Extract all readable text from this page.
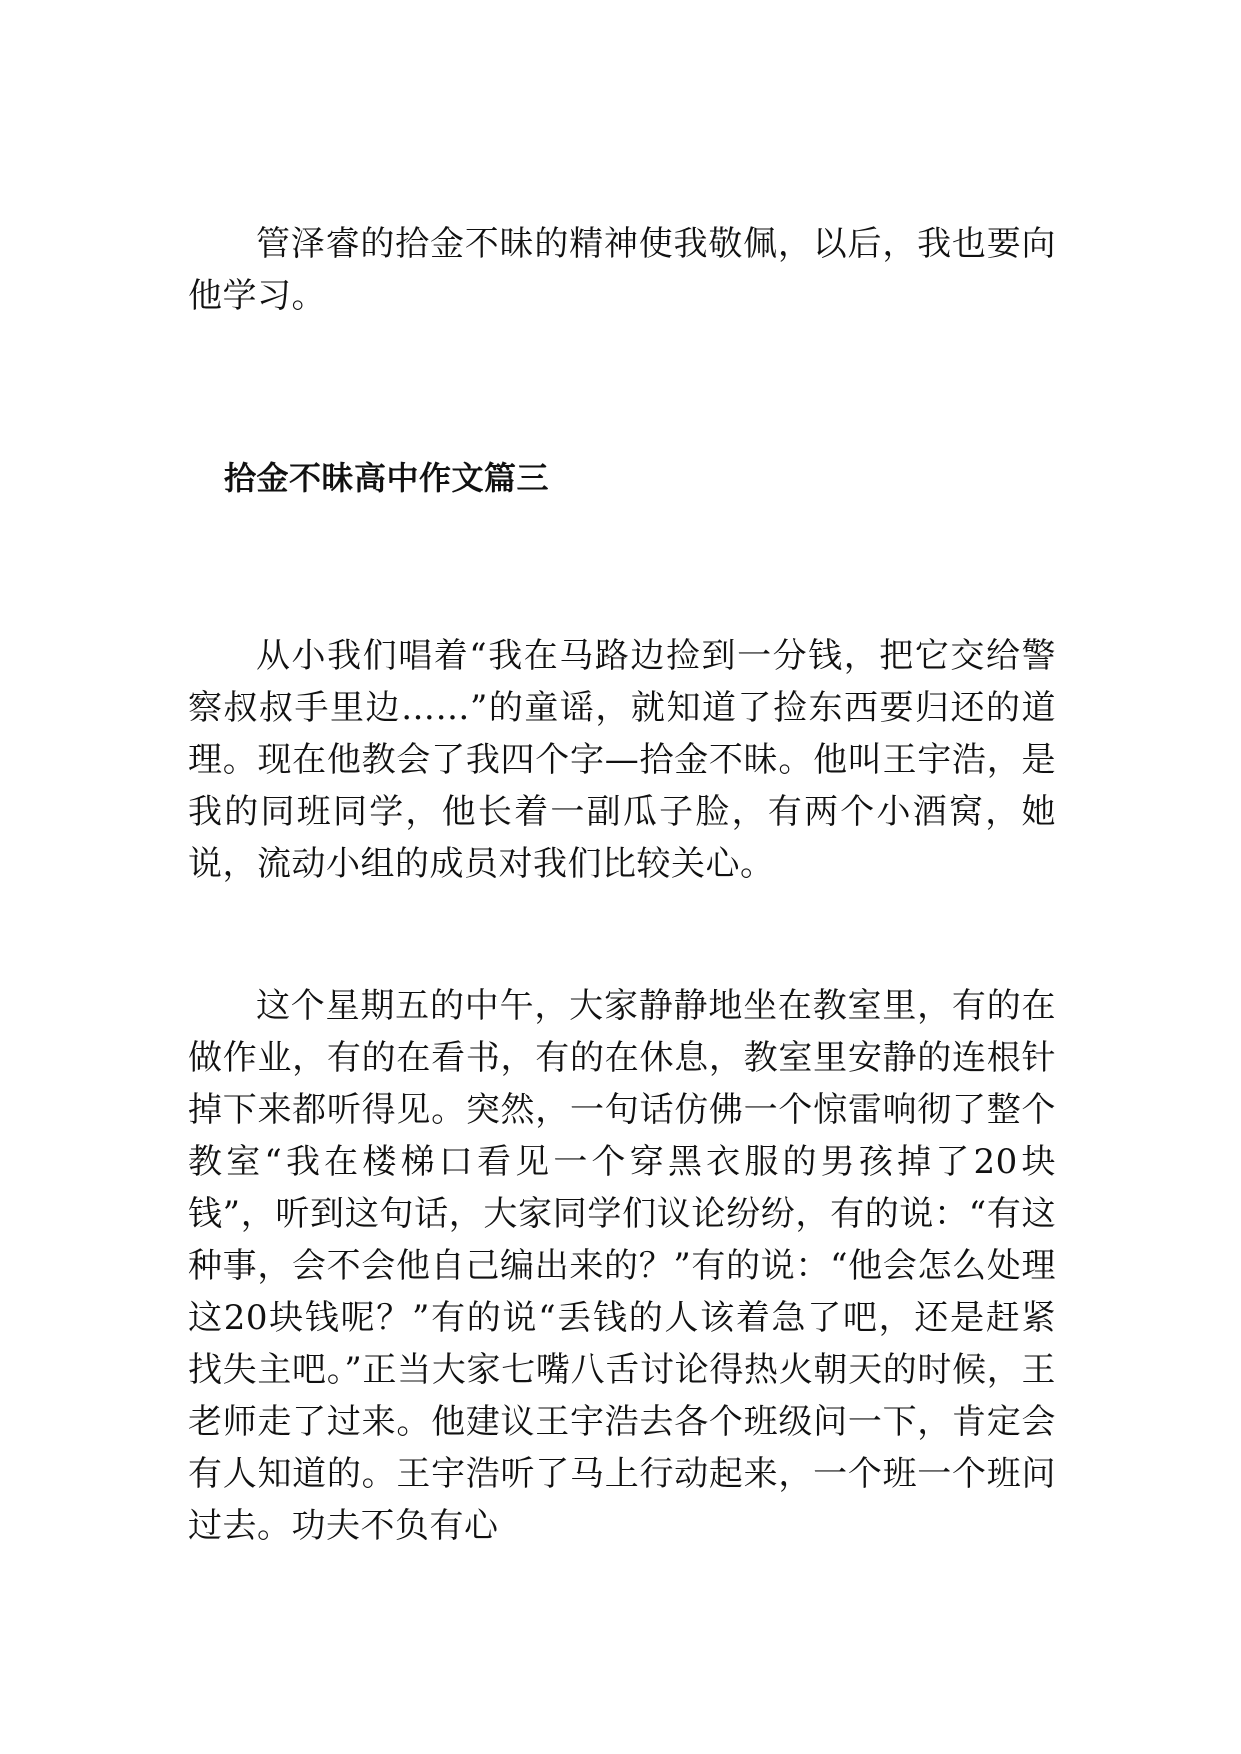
管泽睿的拾金不昧的精神使我敬佩，以后，我也要向他学习。

拾金不昧高中作文篇三

从小我们唱着“我在马路边捡到一分钱，把它交给警察叔叔手里边……”的童谣，就知道了捡东西要归还的道理。现在他教会了我四个字—拾金不昧。他叫王宇浩，是我的同班同学，他长着一副瓜子脸，有两个小酒窝，她说，流动小组的成员对我们比较关心。

这个星期五的中午，大家静静地坐在教室里，有的在做作业，有的在看书，有的在休息，教室里安静的连根针掉下来都听得见。突然，一句话仿佛一个惊雷响彻了整个教室“我在楼梯口看见一个穿黑衣服的男孩掉了20块钱”，听到这句话，大家同学们议论纷纷，有的说：“有这种事，会不会他自己编出来的？”有的说：“他会怎么处理这20块钱呢？”有的说“丢钱的人该着急了吧，还是赶紧找失主吧。”正当大家七嘴八舌讨论得热火朝天的时候，王老师走了过来。他建议王宇浩去各个班级问一下，肯定会有人知道的。王宇浩听了马上行动起来，一个班一个班问过去。功夫不负有心
